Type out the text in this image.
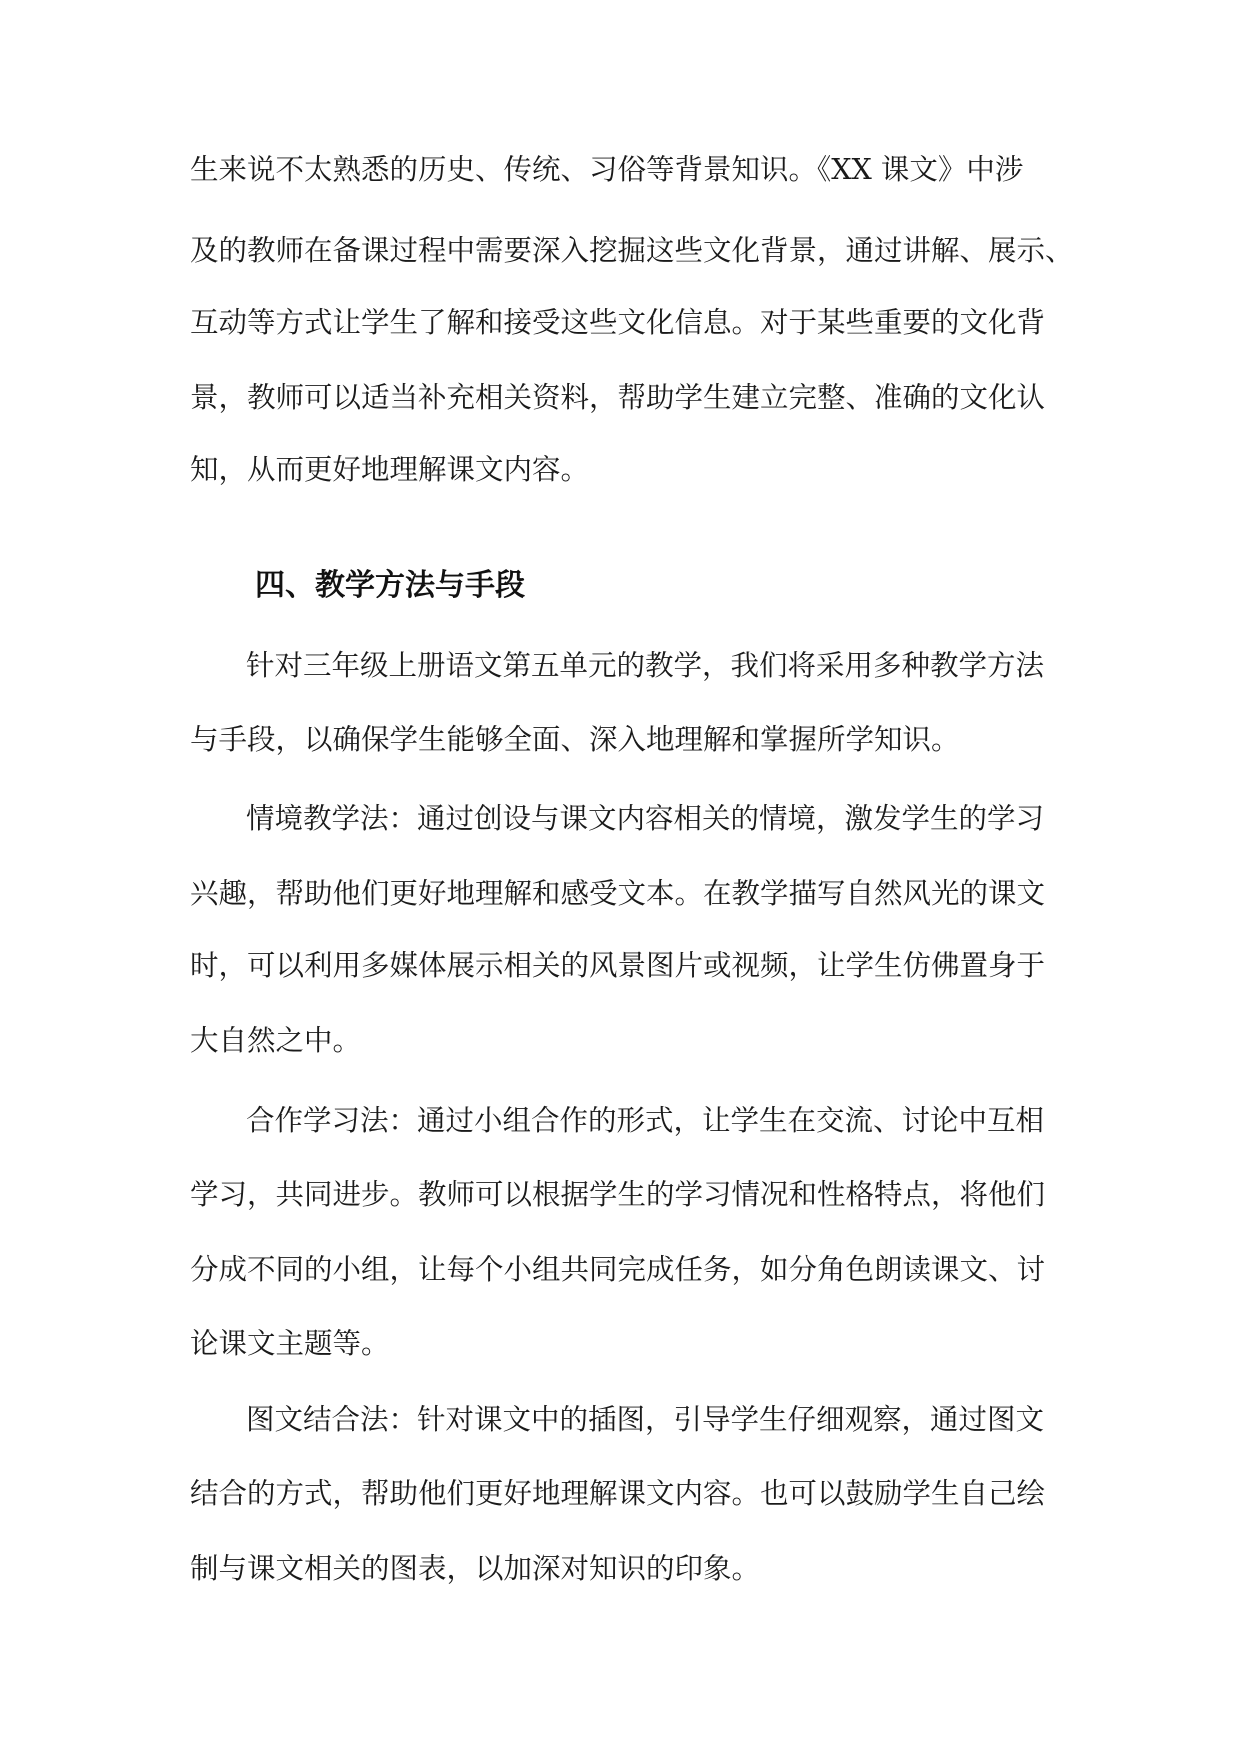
生来说不太熟悉的历史、传统、习俗等背景知识。《XX 课文》中涉
及的教师在备课过程中需要深入挖掘这些文化背景，通过讲解、展示、
互动等方式让学生了解和接受这些文化信息。对于某些重要的文化背
景，教师可以适当补充相关资料，帮助学生建立完整、准确的文化认
知，从而更好地理解课文内容。
四、教学方法与手段
针对三年级上册语文第五单元的教学，我们将采用多种教学方法
与手段，以确保学生能够全面、深入地理解和掌握所学知识。
情境教学法：通过创设与课文内容相关的情境，激发学生的学习
兴趣，帮助他们更好地理解和感受文本。在教学描写自然风光的课文
时，可以利用多媒体展示相关的风景图片或视频，让学生仿佛置身于
大自然之中。
合作学习法：通过小组合作的形式，让学生在交流、讨论中互相
学习，共同进步。教师可以根据学生的学习情况和性格特点，将他们
分成不同的小组，让每个小组共同完成任务，如分角色朗读课文、讨
论课文主题等。
图文结合法：针对课文中的插图，引导学生仔细观察，通过图文
结合的方式，帮助他们更好地理解课文内容。也可以鼓励学生自己绘
制与课文相关的图表，以加深对知识的印象。
